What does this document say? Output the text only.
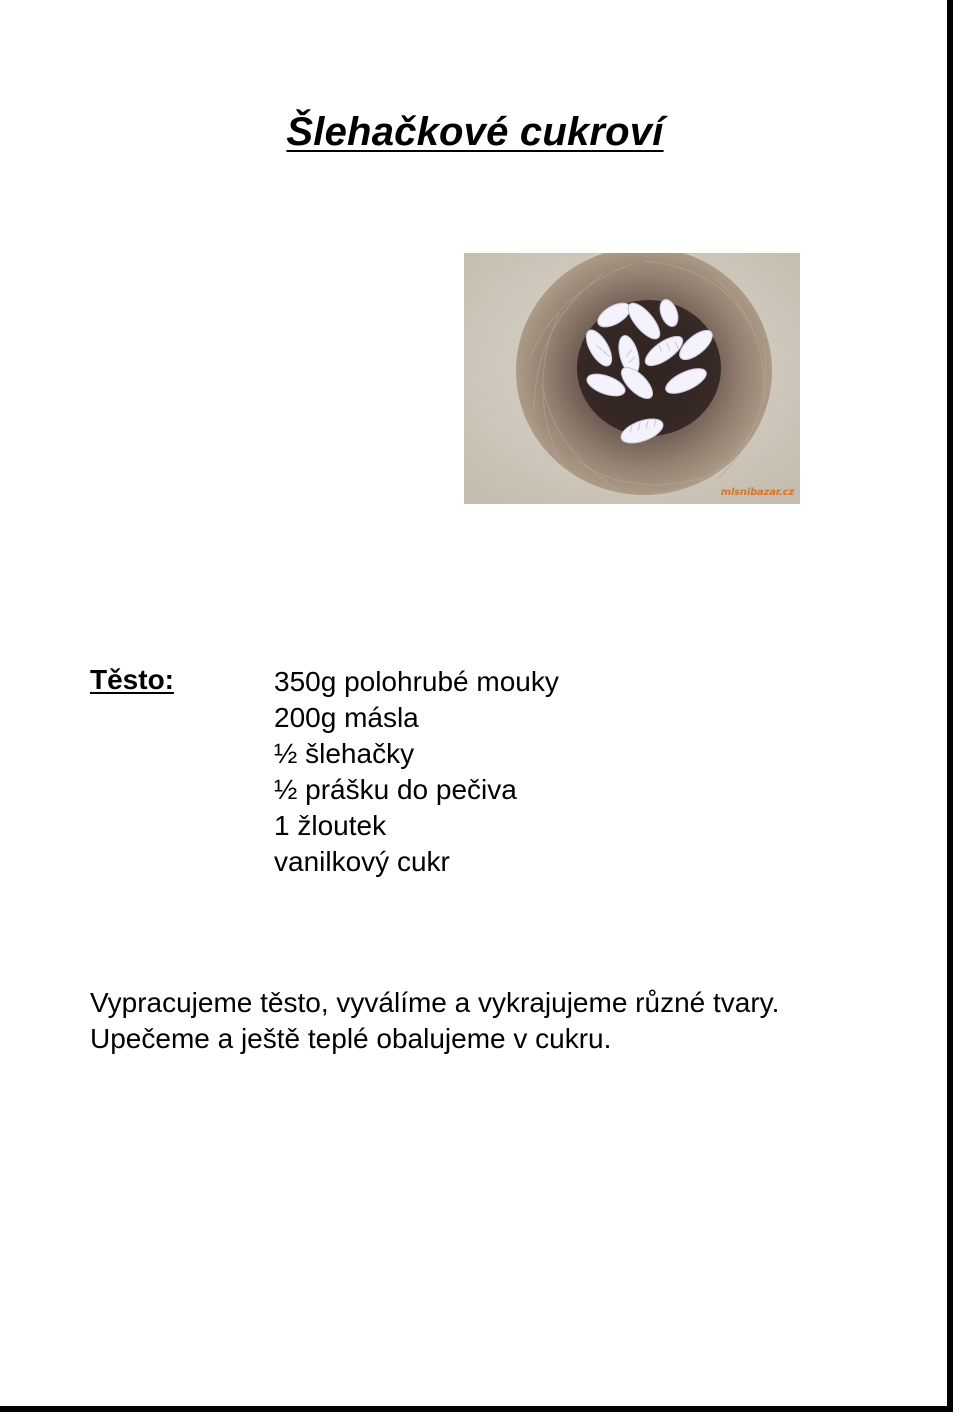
Šlehačkové cukroví
mlsnibazar.cz
Těsto:	350g polohrubé mouky
200g másla
½ šlehačky
½ prášku do pečiva
1 žloutek
vanilkový cukr

Vypracujeme těsto, vyválíme a vykrajujeme různé tvary.

Upečeme a ještě teplé obalujeme v cukru.
